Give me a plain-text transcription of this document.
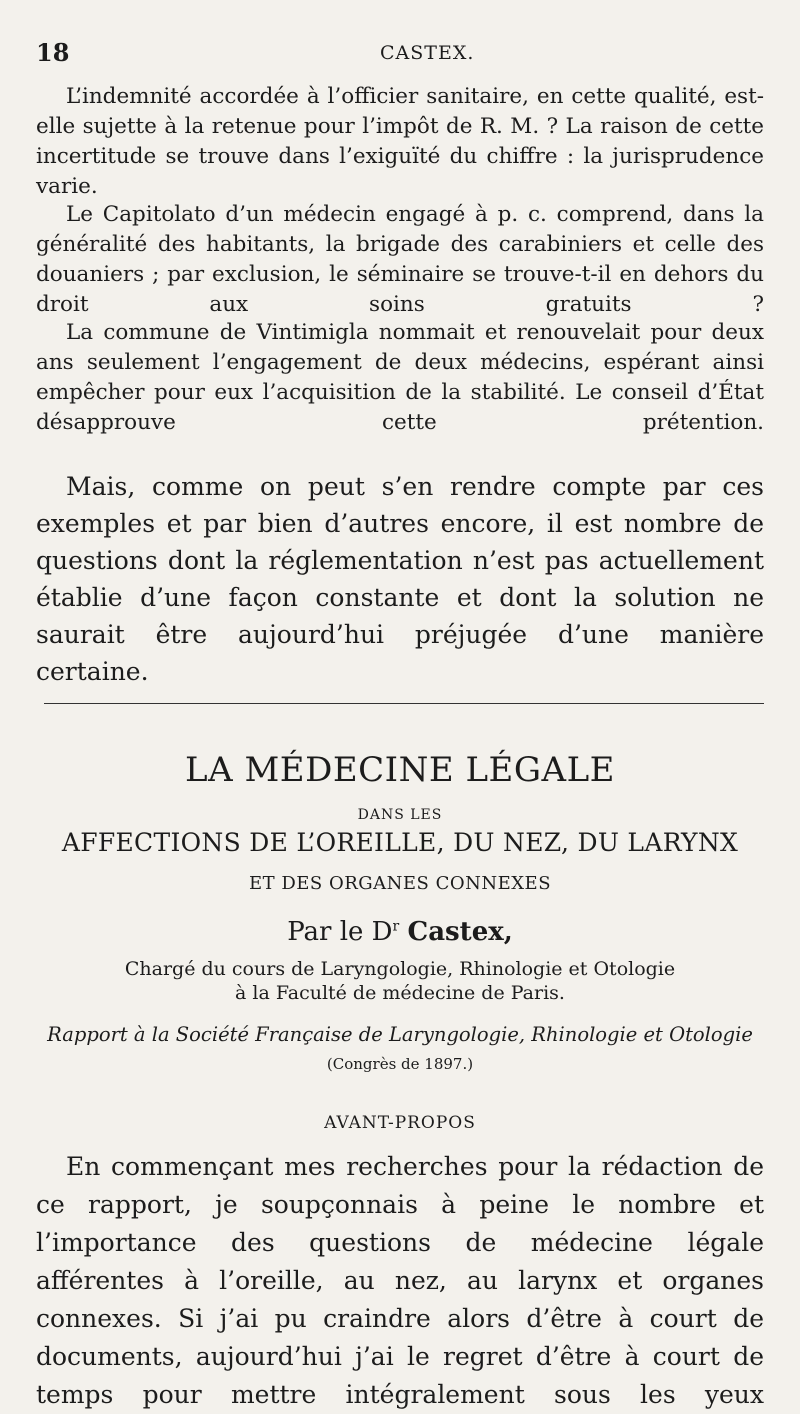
18	CASTEX.

L’indemnité accordée à l’officier sanitaire, en cette qualité, est-elle sujette à la retenue pour l’impôt de R. M. ? La raison de cette incertitude se trouve dans l’exiguïté du chiffre : la jurisprudence varie.

Le Capitolato d’un médecin engagé à p. c. comprend, dans la généralité des habitants, la brigade des carabiniers et celle des douaniers ; par exclusion, le séminaire se trouve-t-il en dehors du droit aux soins gratuits ?

La commune de Vintimigla nommait et renouvelait pour deux ans seulement l’engagement de deux médecins, espérant ainsi empêcher pour eux l’acquisition de la stabilité. Le conseil d’État désapprouve cette prétention.

Mais, comme on peut s’en rendre compte par ces exemples et par bien d’autres encore, il est nombre de questions dont la réglementation n’est pas actuellement établie d’une façon constante et dont la solution ne saurait être aujourd’hui préjugée d’une manière certaine.

LA MÉDECINE LÉGALE
DANS LES
AFFECTIONS DE L’OREILLE, DU NEZ, DU LARYNX
ET DES ORGANES CONNEXES
Par le $D^r$ Castex,
Chargé du cours de Laryngologie, Rhinologie et Otologie
à la Faculté de médecine de Paris.
Rapport à la Société Française de Laryngologie, Rhinologie et Otologie
(Congrès de 1897.)
AVANT-PROPOS

En commençant mes recherches pour la rédaction de ce rapport, je soupçonnais à peine le nombre et l’importance des questions de médecine légale afférentes à l’oreille, au nez, au larynx et organes connexes. Si j’ai pu craindre alors d’être à court de documents, aujourd’hui j’ai le regret d’être à court de temps pour mettre intégralement sous les yeux
